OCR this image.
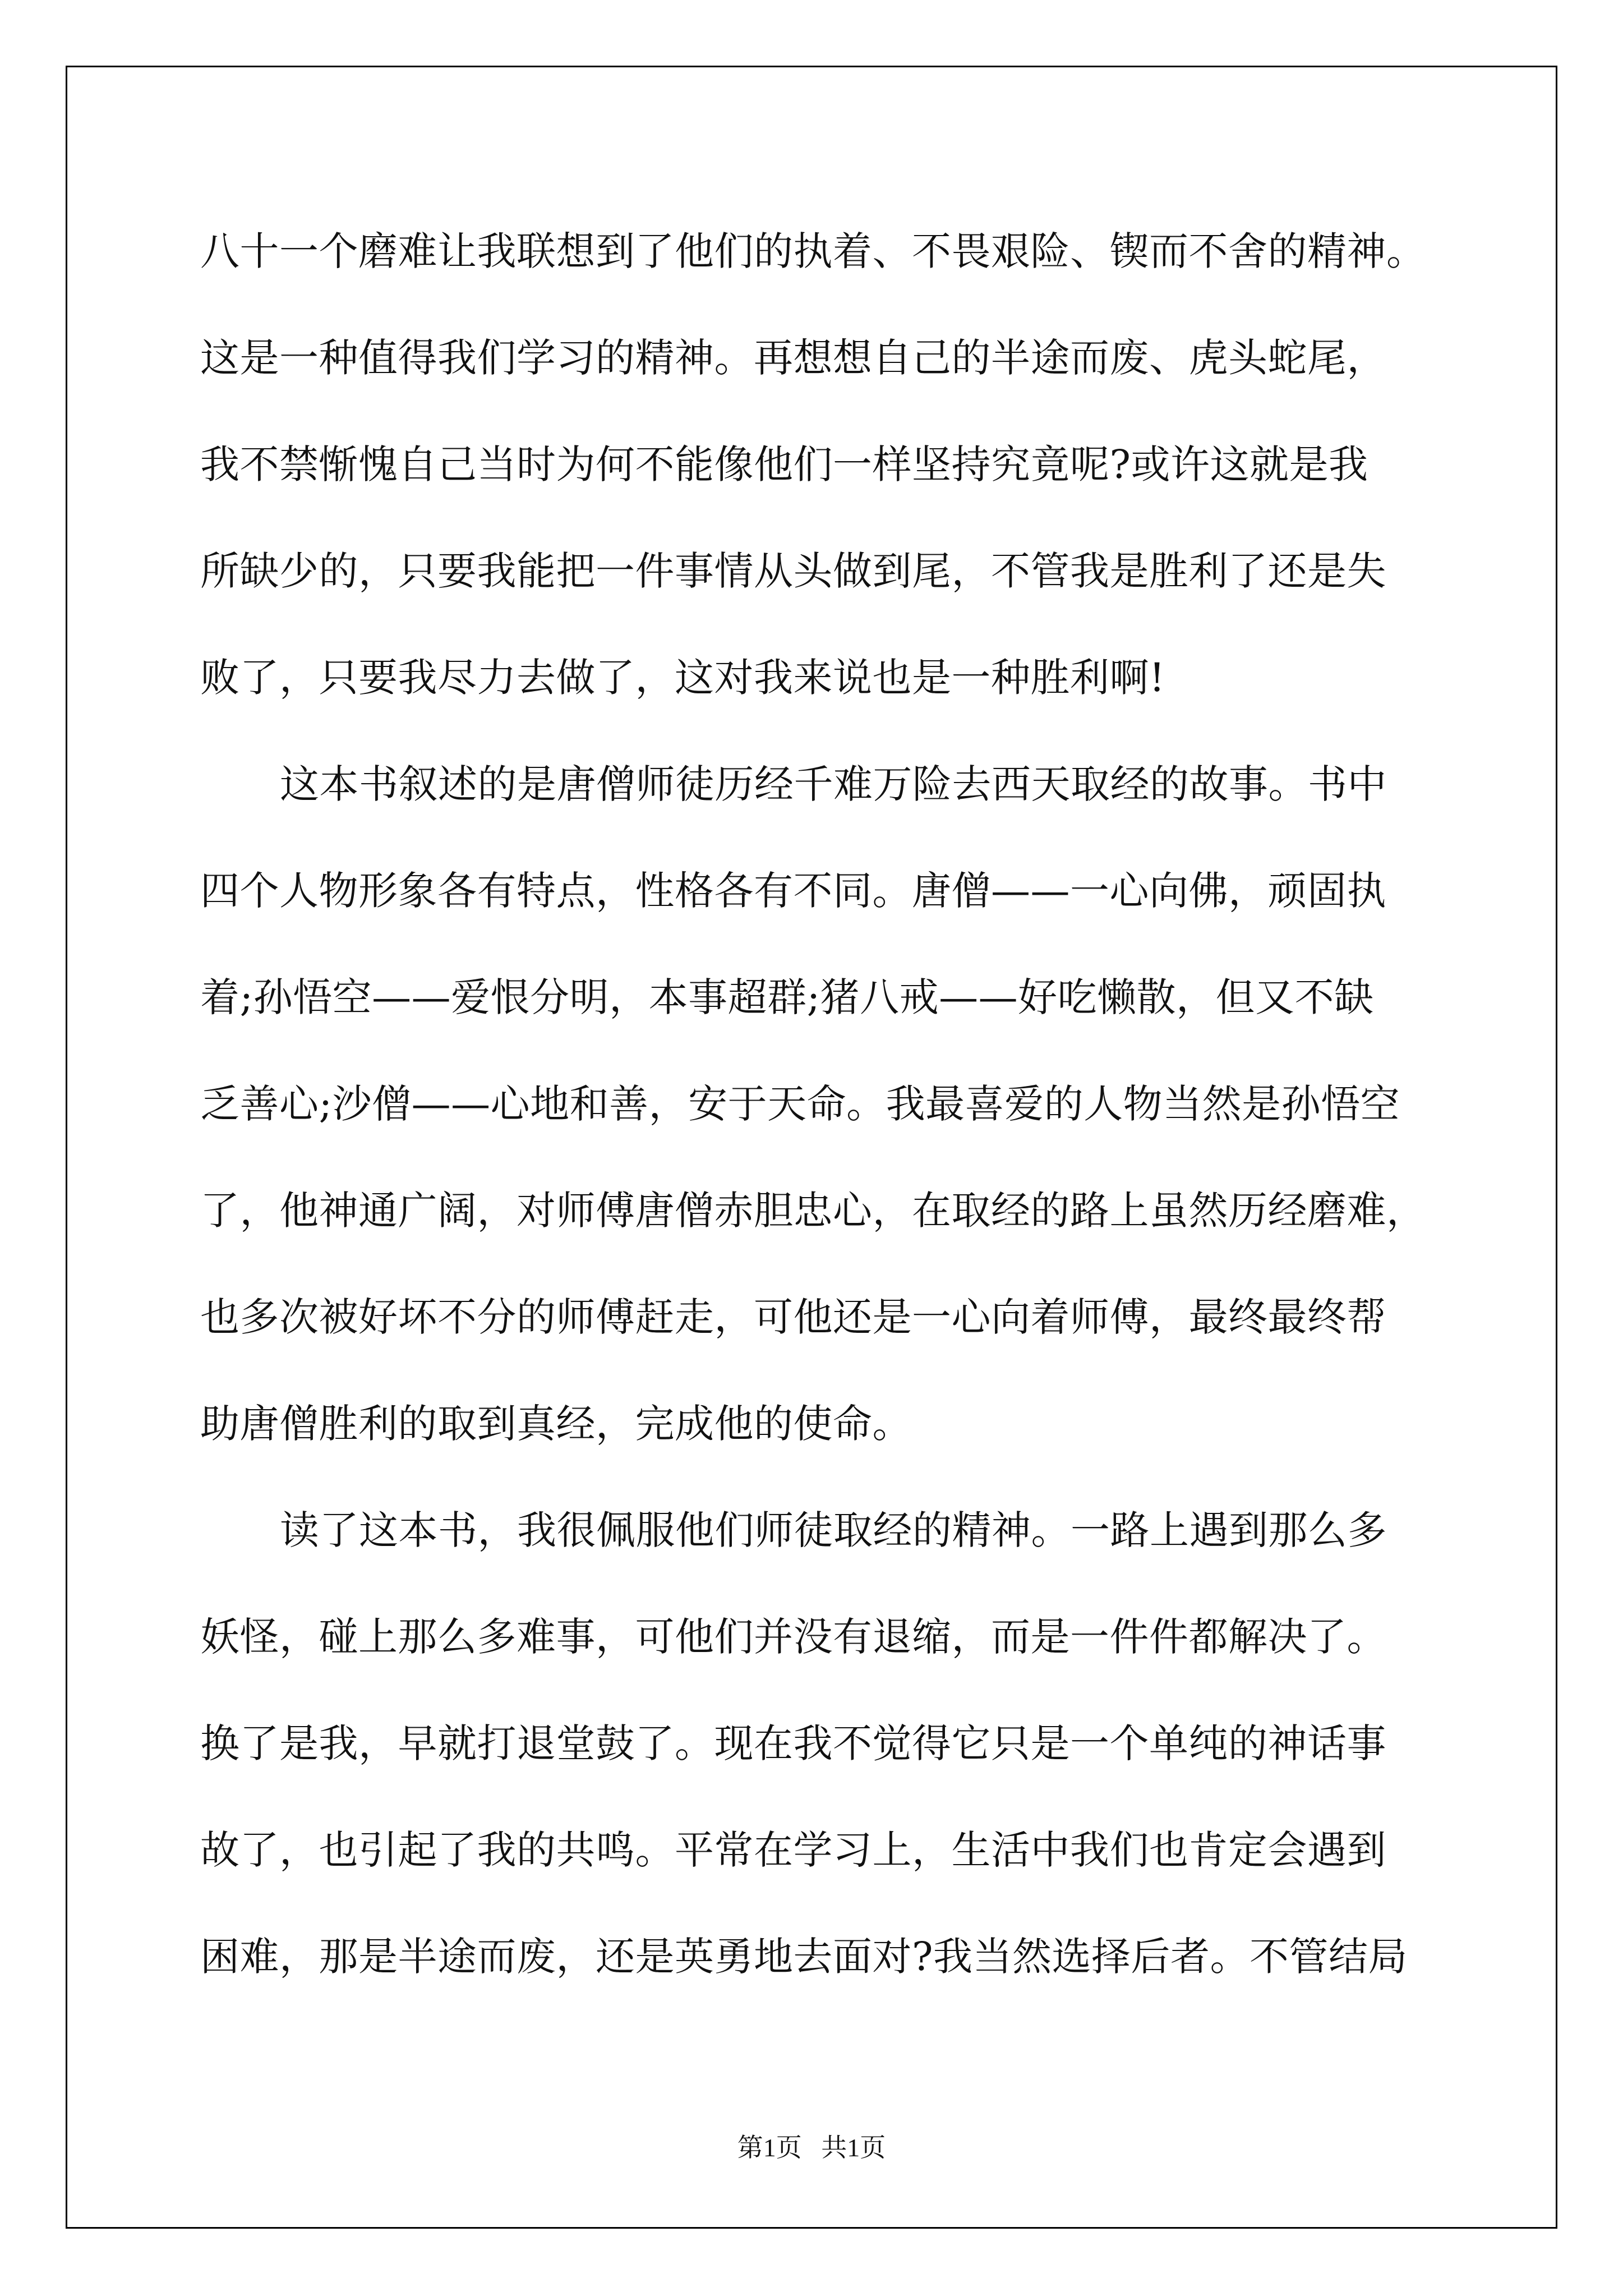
八十一个磨难让我联想到了他们的执着、不畏艰险、锲而不舍的精神。
这是一种值得我们学习的精神。再想想自己的半途而废、虎头蛇尾，
我不禁惭愧自己当时为何不能像他们一样坚持究竟呢?或许这就是我
所缺少的，只要我能把一件事情从头做到尾，不管我是胜利了还是失
败了，只要我尽力去做了，这对我来说也是一种胜利啊!
这本书叙述的是唐僧师徒历经千难万险去西天取经的故事。书中
四个人物形象各有特点，性格各有不同。唐僧——一心向佛，顽固执
着;孙悟空——爱恨分明，本事超群;猪八戒——好吃懒散，但又不缺
乏善心;沙僧——心地和善，安于天命。我最喜爱的人物当然是孙悟空
了，他神通广阔，对师傅唐僧赤胆忠心，在取经的路上虽然历经磨难，
也多次被好坏不分的师傅赶走，可他还是一心向着师傅，最终最终帮
助唐僧胜利的取到真经，完成他的使命。
读了这本书，我很佩服他们师徒取经的精神。一路上遇到那么多
妖怪，碰上那么多难事，可他们并没有退缩，而是一件件都解决了。
换了是我，早就打退堂鼓了。现在我不觉得它只是一个单纯的神话事
故了，也引起了我的共鸣。平常在学习上，生活中我们也肯定会遇到
困难，那是半途而废，还是英勇地去面对?我当然选择后者。不管结局
第1页   共1页
